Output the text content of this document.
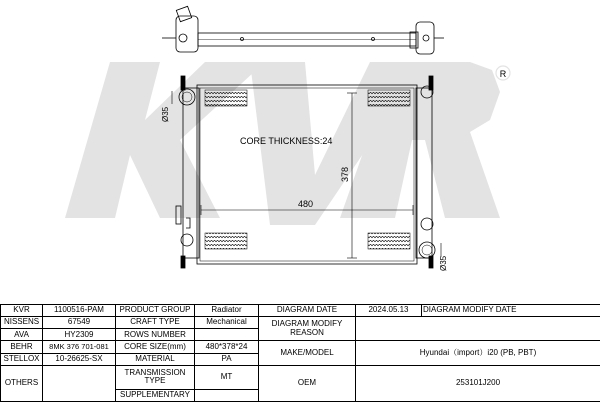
R
CORE THICKNESS:24
480
378
Ø35
Ø35
KVR	1100516-PAM	PRODUCT GROUP	Radiator	DIAGRAM DATE	2024.05.13	DIAGRAM MODIFY DATE
NISSENS	67549	CRAFT TYPE	Mechanical	DIAGRAM MODIFY REASON		
AVA	HY2309	ROWS NUMBER				
BEHR	8MK 376 701-081	CORE SIZE(mm)	480*378*24	MAKE/MODEL	Hyundai（import）i20 (PB, PBT)	
STELLOX	10-26625-SX	MATERIAL	PA			
OTHERS		TRANSMISSION TYPE	MT	OEM	253101J200	
		SUPPLEMENTARY				
